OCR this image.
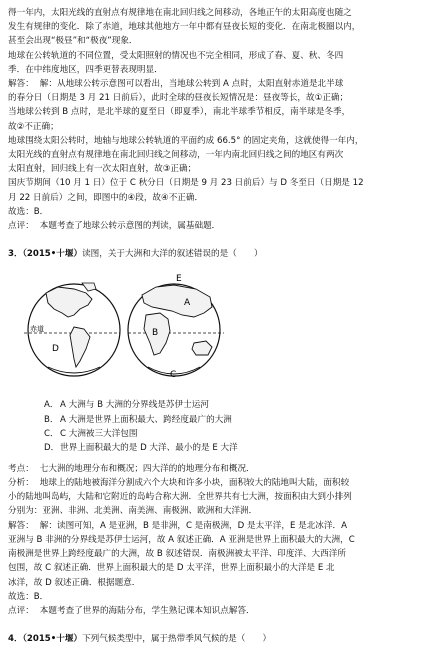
得一年内，太阳光线的直射点有规律地在南北回归线之间移动，各地正午的太阳高度也随之
发生有规律的变化．除了赤道，地球其他地方一年中都有昼夜长短的变化．在南北极圈以内，
甚至会出现“极昼”和“极夜”现象．
地球在公转轨道的不同位置，受太阳照射的情况也不完全相同，形成了春、夏、秋、冬四
季．在中纬度地区，四季更替表现明显．
解答： 解：从地球公转示意图可以看出，当地球公转到 A 点时，太阳直射赤道是北半球
的春分日（日期是 3 月 21 日前后），此时全球的昼夜长短情况是：昼夜等长，故①正确；
当地球公转到 B 点时，是北半球的夏至日（即夏季），南北半球季节相反，南半球是冬季，
故②不正确；
地球围绕太阳公转时，地轴与地球公转轨道的平面约成 66.5° 的固定夹角，这就使得一年内，
太阳光线的直射点有规律地在南北回归线之间移动，一年内南北回归线之间的地区有两次
太阳直射，回归线上有一次太阳直射，故③正确；
国庆节期间（10 月 1 日）位于 C 秋分日（日期是 9 月 23 日前后）与 D 冬至日（日期是 12
月 22 日前后）之间，即图中的④段，故④不正确．
故选：B．
点评： 本题考查了地球公转示意图的判读，属基础题．
3．（2015•十堰）读图，关于大洲和大洋的叙述错误的是（　　）
赤道
D
E
A
B
C
A． A 大洲与 B 大洲的分界线是苏伊士运河
B． A 大洲是世界上面积最大、跨经度最广的大洲
C．C 大洲被三大洋包围
D．世界上面积最大的是 D 大洋、最小的是 E 大洋
考点： 七大洲的地理分布和概况；四大洋的的地理分布和概况．
分析： 地球上的陆地被海洋分割成六个大块和许多小块，面积较大的陆地叫大陆，面积较
小的陆地叫岛屿，大陆和它附近的岛屿合称大洲．全世界共有七大洲，按面积由大到小排列
分别为：亚洲、非洲、北美洲、南美洲、南极洲、欧洲和大洋洲．
解答： 解：读图可知，A 是亚洲，B 是非洲，C 是南极洲，D 是太平洋，E 是北冰洋．A
亚洲与 B 非洲的分界线是苏伊士运河，故 A 叙述正确．A 亚洲是世界上面积最大的大洲，C
南极洲是世界上跨经度最广的大洲，故 B 叙述错误．南极洲被太平洋、印度洋、大西洋所
包围，故 C 叙述正确．世界上面积最大的是 D 太平洋，世界上面积最小的大洋是 E 北
冰洋，故 D 叙述正确．根据题意．
故选：B．
点评： 本题考查了世界的海陆分布，学生熟记课本知识点解答．
4．（2015•十堰）下列气候类型中，属于热带季风气候的是（　　）
